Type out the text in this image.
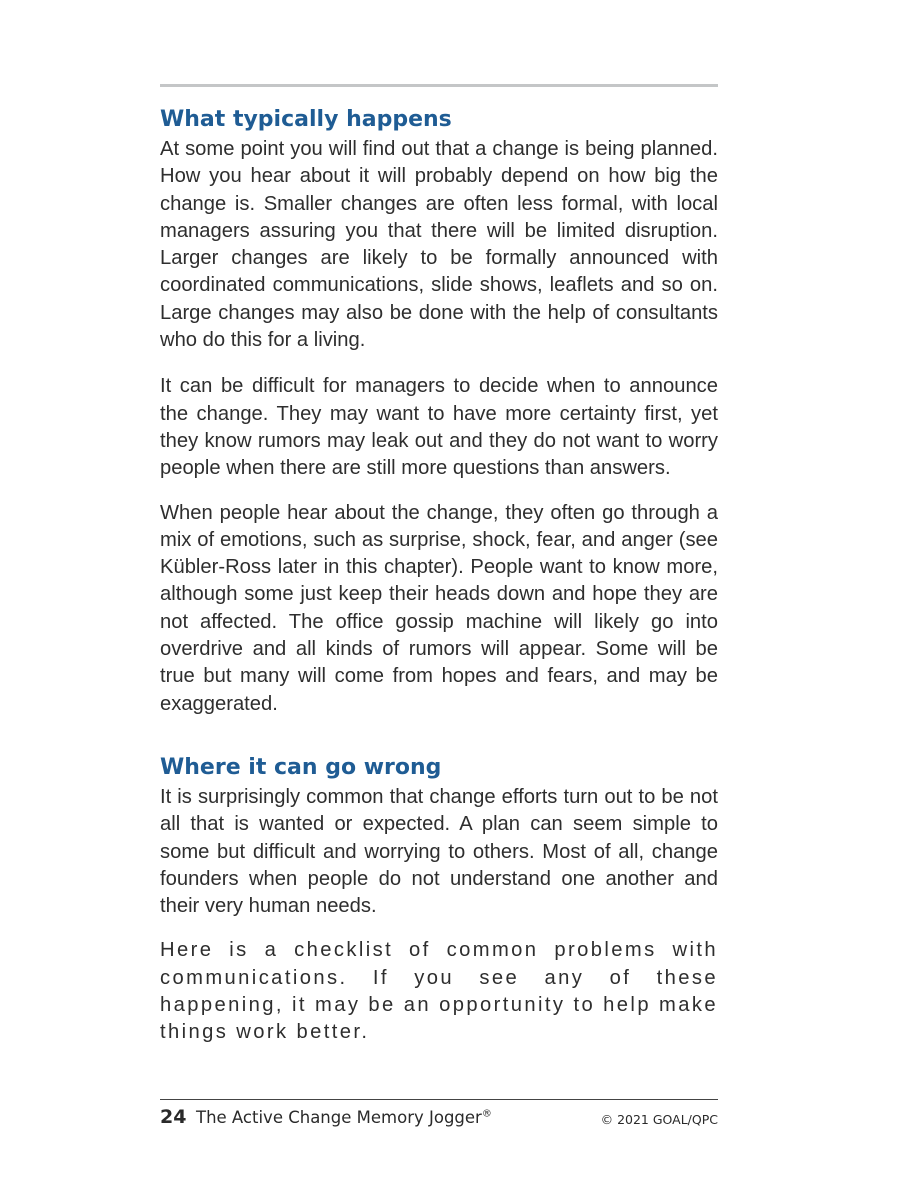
What typically happens

At some point you will find out that a change is being planned. How you hear about it will probably depend on how big the change is. Smaller changes are often less formal, with local managers assuring you that there will be limited disruption. Larger changes are likely to be formally announced with coordinated communications, slide shows, leaflets and so on. Large changes may also be done with the help of consultants who do this for a living.

It can be difficult for managers to decide when to announce the change. They may want to have more certainty first, yet they know rumors may leak out and they do not want to worry people when there are still more questions than answers.

When people hear about the change, they often go through a mix of emotions, such as surprise, shock, fear, and anger (see Kübler-Ross later in this chapter). People want to know more, although some just keep their heads down and hope they are not affected. The office gossip machine will likely go into overdrive and all kinds of rumors will appear. Some will be true but many will come from hopes and fears, and may be exaggerated.

Where it can go wrong

It is surprisingly common that change efforts turn out to be not all that is wanted or expected. A plan can seem simple to some but difficult and worrying to others. Most of all, change founders when people do not understand one another and their very human needs.

Here is a checklist of common problems with communications. If you see any of these happening, it may be an opportunity to help make things work better.

24 The Active Change Memory Jogger®	© 2021 GOAL/QPC
